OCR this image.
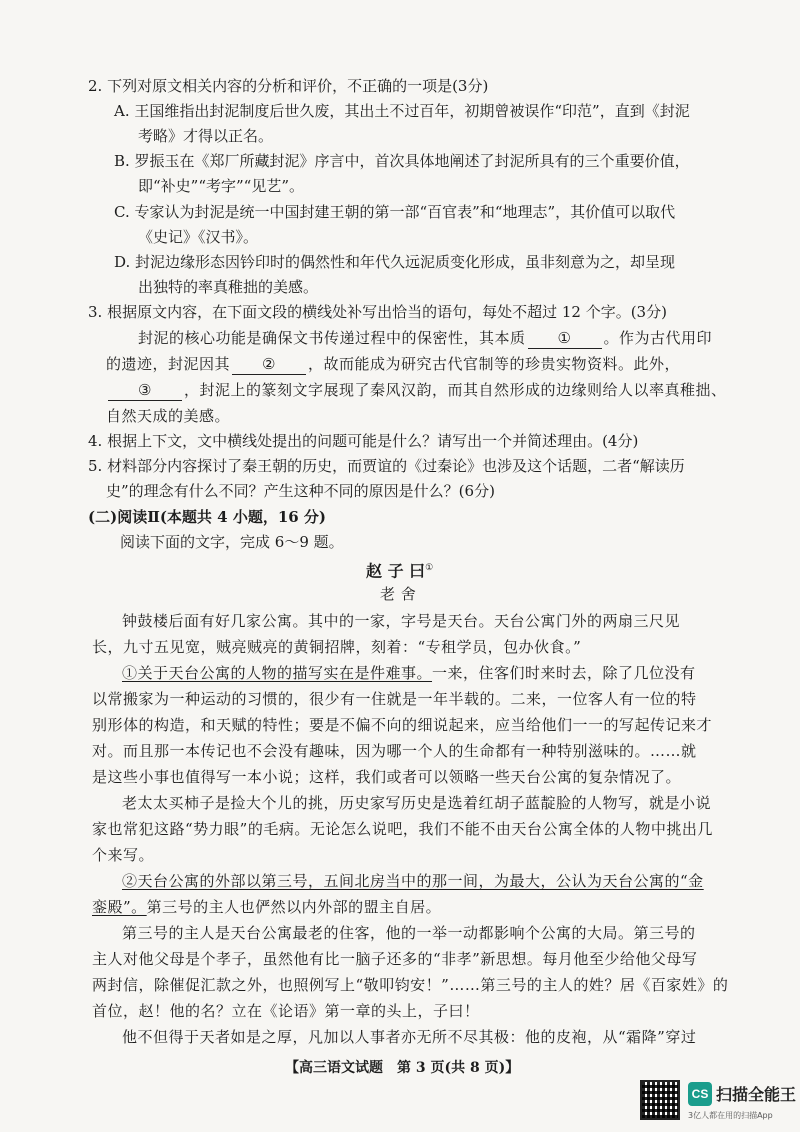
2. 下列对原文相关内容的分析和评价，不正确的一项是(3分)
A. 王国维指出封泥制度后世久废，其出土不过百年，初期曾被误作“印范”，直到《封泥
考略》才得以正名。
B. 罗振玉在《郑厂所藏封泥》序言中，首次具体地阐述了封泥所具有的三个重要价值，
即“补史”“考字”“见艺”。
C. 专家认为封泥是统一中国封建王朝的第一部“百官表”和“地理志”，其价值可以取代
《史记》《汉书》。
D. 封泥边缘形态因钤印时的偶然性和年代久远泥质变化形成，虽非刻意为之，却呈现
出独特的率真稚拙的美感。
3. 根据原文内容，在下面文段的横线处补写出恰当的语句，每处不超过 12 个字。(3分)
封泥的核心功能是确保文书传递过程中的保密性，其本质 ① 。作为古代用印
的遗迹，封泥因其 ② ，故而能成为研究古代官制等的珍贵实物资料。此外，
③ ，封泥上的篆刻文字展现了秦风汉韵，而其自然形成的边缘则给人以率真稚拙、
自然天成的美感。
4. 根据上下文，文中横线处提出的问题可能是什么？请写出一个并简述理由。(4分)
5. 材料部分内容探讨了秦王朝的历史，而贾谊的《过秦论》也涉及这个话题，二者“解读历
史”的理念有什么不同？产生这种不同的原因是什么？(6分)
(二)阅读Ⅱ(本题共 4 小题，16 分)
阅读下面的文字，完成 6～9 题。
赵 子 曰①
老 舍
钟鼓楼后面有好几家公寓。其中的一家，字号是天台。天台公寓门外的两扇三尺见
长，九寸五见宽，贼亮贼亮的黄铜招牌，刻着：“专租学员，包办伙食。”
①关于天台公寓的人物的描写实在是件难事。一来，住客们时来时去，除了几位没有
以常搬家为一种运动的习惯的，很少有一住就是一年半载的。二来，一位客人有一位的特
别形体的构造，和天赋的特性；要是不偏不向的细说起来，应当给他们一一的写起传记来才
对。而且那一本传记也不会没有趣味，因为哪一个人的生命都有一种特别滋味的。……就
是这些小事也值得写一本小说；这样，我们或者可以领略一些天台公寓的复杂情况了。
老太太买柿子是捡大个儿的挑，历史家写历史是选着红胡子蓝靛脸的人物写，就是小说
家也常犯这路“势力眼”的毛病。无论怎么说吧，我们不能不由天台公寓全体的人物中挑出几
个来写。
②天台公寓的外部以第三号，五间北房当中的那一间，为最大，公认为天台公寓的“金
銮殿”。第三号的主人也俨然以内外部的盟主自居。
第三号的主人是天台公寓最老的住客，他的一举一动都影响个公寓的大局。第三号的
主人对他父母是个孝子，虽然他有比一脑子还多的“非孝”新思想。每月他至少给他父母写
两封信，除催促汇款之外，也照例写上“敬叩钧安！”……第三号的主人的姓？居《百家姓》的
首位，赵！他的名？立在《论语》第一章的头上，子曰！
他不但得于天者如是之厚，凡加以人事者亦无所不尽其极：他的皮袍，从“霜降”穿过
【高三语文试题　第 3 页(共 8 页)】
CS 扫描全能王
3亿人都在用的扫描App
